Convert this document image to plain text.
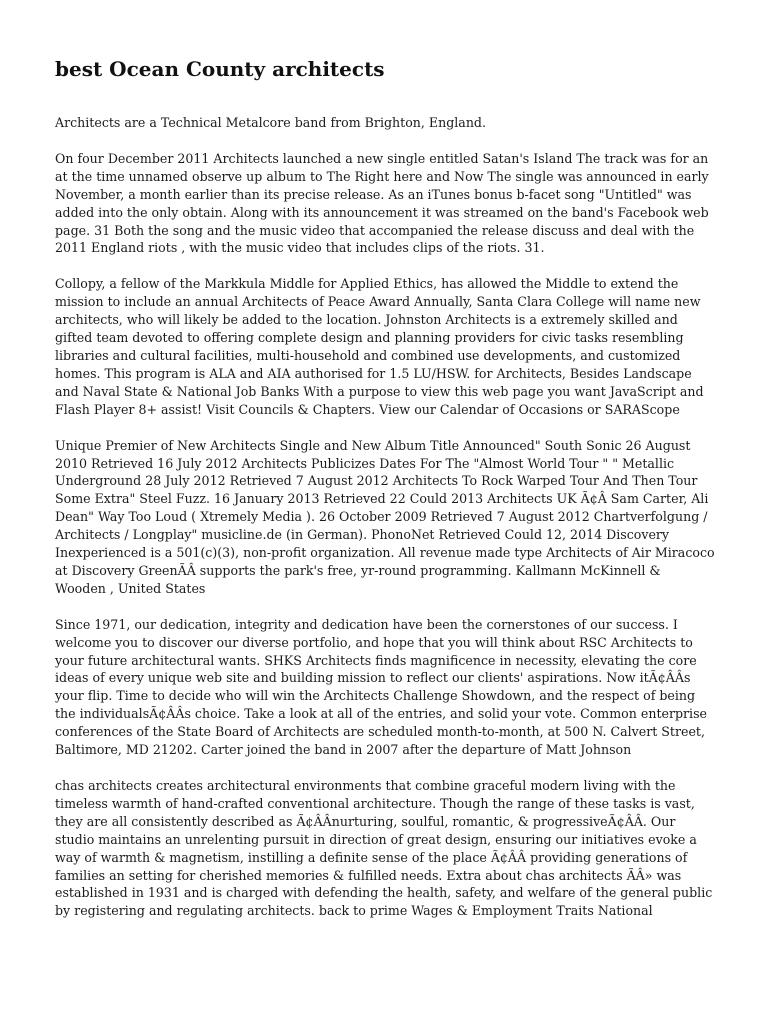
best Ocean County architects

Architects are a Technical Metalcore band from Brighton, England.

On four December 2011 Architects launched a new single entitled Satan's Island The track was for an at the time unnamed observe up album to The Right here and Now The single was announced in early November, a month earlier than its precise release. As an iTunes bonus b-facet song "Untitled" was added into the only obtain. Along with its announcement it was streamed on the band's Facebook web page. 31 Both the song and the music video that accompanied the release discuss and deal with the 2011 England riots , with the music video that includes clips of the riots. 31.

Collopy, a fellow of the Markkula Middle for Applied Ethics, has allowed the Middle to extend the mission to include an annual Architects of Peace Award Annually, Santa Clara College will name new architects, who will likely be added to the location. Johnston Architects is a extremely skilled and gifted team devoted to offering complete design and planning providers for civic tasks resembling libraries and cultural facilities, multi-household and combined use developments, and customized homes. This program is ALA and AIA authorised for 1.5 LU/HSW. for Architects, Besides Landscape and Naval State & National Job Banks With a purpose to view this web page you want JavaScript and Flash Player 8+ assist! Visit Councils & Chapters. View our Calendar of Occasions or SARAScope

Unique Premier of New Architects Single and New Album Title Announced" South Sonic 26 August 2010 Retrieved 16 July 2012 Architects Publicizes Dates For The "Almost World Tour " " Metallic Underground 28 July 2012 Retrieved 7 August 2012 Architects To Rock Warped Tour And Then Tour Some Extra" Steel Fuzz. 16 January 2013 Retrieved 22 Could 2013 Architects UK Ã¢Â Sam Carter, Ali Dean" Way Too Loud ( Xtremely Media ). 26 October 2009 Retrieved 7 August 2012 Chartverfolgung / Architects / Longplay" musicline.de (in German). PhonoNet Retrieved Could 12, 2014 Discovery Inexperienced is a 501(c)(3), non-profit organization. All revenue made type Architects of Air Miracoco at Discovery GreenÃÂ supports the park's free, yr-round programming. Kallmann McKinnell & Wooden , United States

Since 1971, our dedication, integrity and dedication have been the cornerstones of our success. I welcome you to discover our diverse portfolio, and hope that you will think about RSC Architects to your future architectural wants. SHKS Architects finds magnificence in necessity, elevating the core ideas of every unique web site and building mission to reflect our clients' aspirations. Now itÃ¢ÂÂs your flip. Time to decide who will win the Architects Challenge Showdown, and the respect of being the individualsÃ¢ÂÂs choice. Take a look at all of the entries, and solid your vote. Common enterprise conferences of the State Board of Architects are scheduled month-to-month, at 500 N. Calvert Street, Baltimore, MD 21202. Carter joined the band in 2007 after the departure of Matt Johnson

chas architects creates architectural environments that combine graceful modern living with the timeless warmth of hand-crafted conventional architecture. Though the range of these tasks is vast, they are all consistently described as Ã¢ÂÂnurturing, soulful, romantic, & progressiveÃ¢ÂÂ. Our studio maintains an unrelenting pursuit in direction of great design, ensuring our initiatives evoke a way of warmth & magnetism, instilling a definite sense of the place Ã¢ÂÂ providing generations of families an setting for cherished memories & fulfilled needs. Extra about chas architects ÃÂ» was established in 1931 and is charged with defending the health, safety, and welfare of the general public by registering and regulating architects. back to prime Wages & Employment Traits National
